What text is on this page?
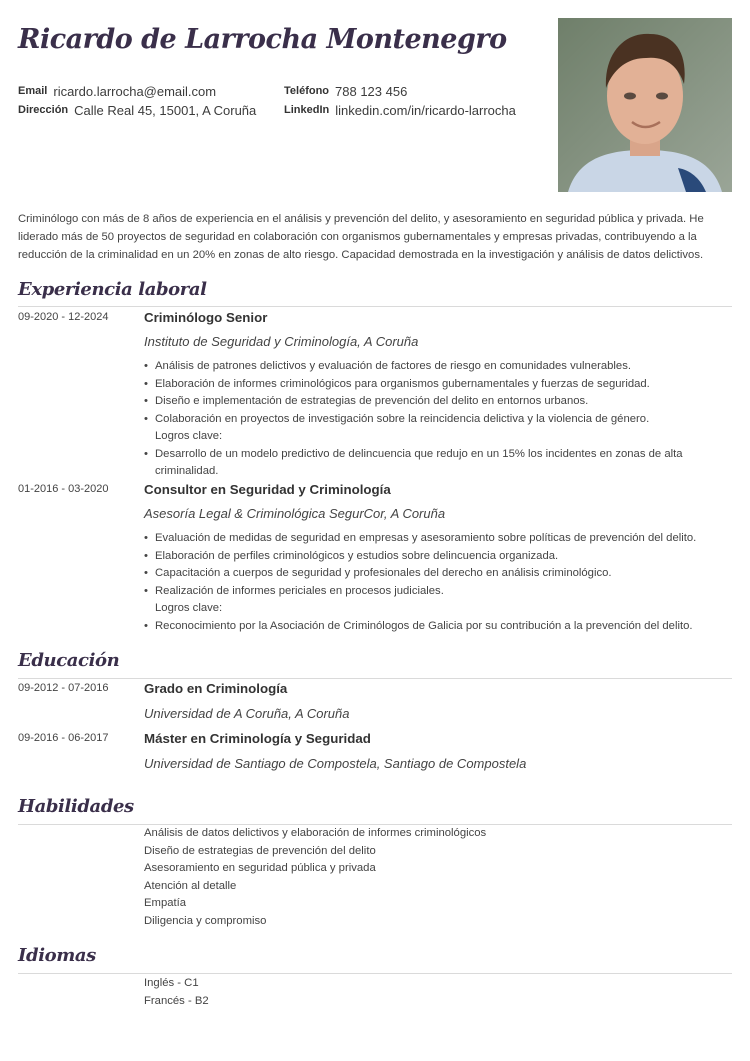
Ricardo de Larrocha Montenegro
Email ricardo.larrocha@email.com
Dirección Calle Real 45, 15001, A Coruña
Teléfono 788 123 456
LinkedIn linkedin.com/in/ricardo-larrocha
Criminólogo con más de 8 años de experiencia en el análisis y prevención del delito, y asesoramiento en seguridad pública y privada. He liderado más de 50 proyectos de seguridad en colaboración con organismos gubernamentales y empresas privadas, contribuyendo a la reducción de la criminalidad en un 20% en zonas de alto riesgo. Capacidad demostrada en la investigación y análisis de datos delictivos.
Experiencia laboral
09-2020 - 12-2024	Criminólogo Senior
Instituto de Seguridad y Criminología, A Coruña
• Análisis de patrones delictivos y evaluación de factores de riesgo en comunidades vulnerables.
• Elaboración de informes criminológicos para organismos gubernamentales y fuerzas de seguridad.
• Diseño e implementación de estrategias de prevención del delito en entornos urbanos.
• Colaboración en proyectos de investigación sobre la reincidencia delictiva y la violencia de género.
Logros clave:
• Desarrollo de un modelo predictivo de delincuencia que redujo en un 15% los incidentes en zonas de alta criminalidad.
01-2016 - 03-2020	Consultor en Seguridad y Criminología
Asesoría Legal & Criminológica SegurCor, A Coruña
• Evaluación de medidas de seguridad en empresas y asesoramiento sobre políticas de prevención del delito.
• Elaboración de perfiles criminológicos y estudios sobre delincuencia organizada.
• Capacitación a cuerpos de seguridad y profesionales del derecho en análisis criminológico.
• Realización de informes periciales en procesos judiciales.
Logros clave:
• Reconocimiento por la Asociación de Criminólogos de Galicia por su contribución a la prevención del delito.
Educación
09-2012 - 07-2016	Grado en Criminología
Universidad de A Coruña, A Coruña
09-2016 - 06-2017	Máster en Criminología y Seguridad
Universidad de Santiago de Compostela, Santiago de Compostela
Habilidades
Análisis de datos delictivos y elaboración de informes criminológicos
Diseño de estrategias de prevención del delito
Asesoramiento en seguridad pública y privada
Atención al detalle
Empatía
Diligencia y compromiso
Idiomas
Inglés - C1
Francés - B2
